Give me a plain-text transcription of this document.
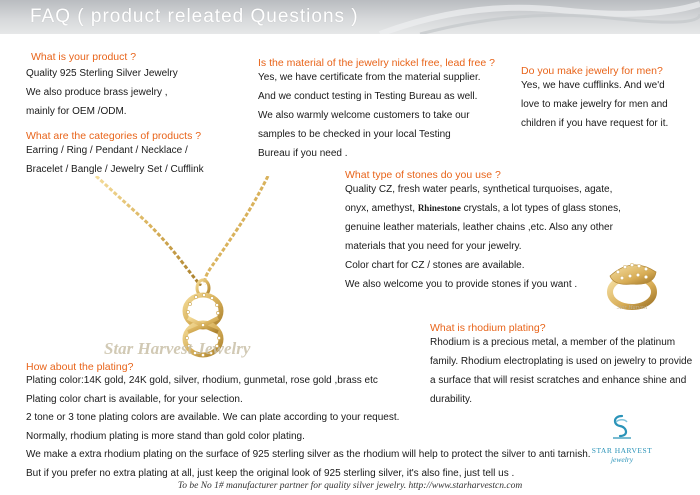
FAQ ( product releated Questions )
What is your product ?
Quality 925 Sterling Silver Jewelry
We also produce brass jewelry ,
mainly for OEM /ODM.
What are the categories of products ?
Earring / Ring / Pendant / Necklace /
Bracelet / Bangle / Jewelry Set / Cufflink
Is the material of the jewelry nickel free, lead free ?
Yes, we have certificate from the material supplier.
And we conduct testing in Testing Bureau as well.
We also warmly welcome customers to take our
samples to be checked in your local Testing
Bureau if you need .
Do you make jewelry for men?
Yes, we have cufflinks. And we'd
love to make jewelry for men and
children if you have request for it.
What type of stones do you use ?
Quality CZ, fresh water pearls, synthetical turquoises, agate,
onyx, amethyst, Rhinestone crystals, a lot types of glass stones,
genuine leather materials, leather chains ,etc. Also any other
materials that you need for your jewelry.
Color chart for CZ / stones are available.
We also welcome you to provide stones if you want .
What is rhodium plating?
Rhodium is a precious metal, a member of the platinum
family. Rhodium electroplating is used on jewelry to provide
a surface that will resist scratches and enhance shine and
durability.
Star Harvest Jewelry
Star Harvest
How about the plating?
Plating color:14K gold, 24K gold, silver, rhodium, gunmetal, rose gold ,brass etc
Plating color chart is available, for your selection.
2 tone or 3 tone plating colors are available. We can plate according to your request.
Normally, rhodium plating is more stand than gold color plating.
We make a extra rhodium plating on the surface of 925 sterling silver as the rhodium will help to protect the silver to anti tarnish.
But if you prefer no extra plating at all, just keep the original look of 925 sterling silver, it's also fine, just tell us .
STAR HARVEST
jewelry
To be No 1# manufacturer partner for quality silver jewelry. http://www.starharvestcn.com
